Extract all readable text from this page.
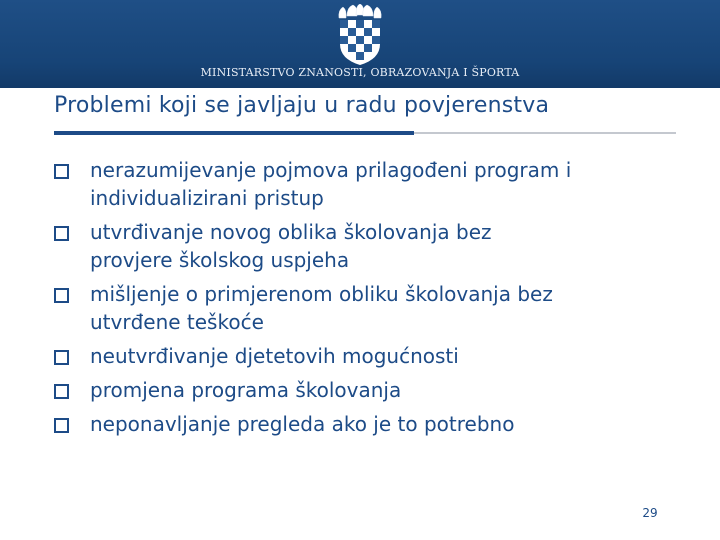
MINISTARSTVO ZNANOSTI, OBRAZOVANJA I ŠPORTA
Problemi koji se javljaju u radu povjerenstva
nerazumijevanje pojmova prilagođeni program i
individualizirani pristup
utvrđivanje novog oblika školovanja bez
provjere školskog uspjeha
mišljenje o primjerenom obliku školovanja bez
utvrđene teškoće
neutvrđivanje djetetovih mogućnosti
promjena programa školovanja
neponavljanje pregleda ako je to potrebno
29
